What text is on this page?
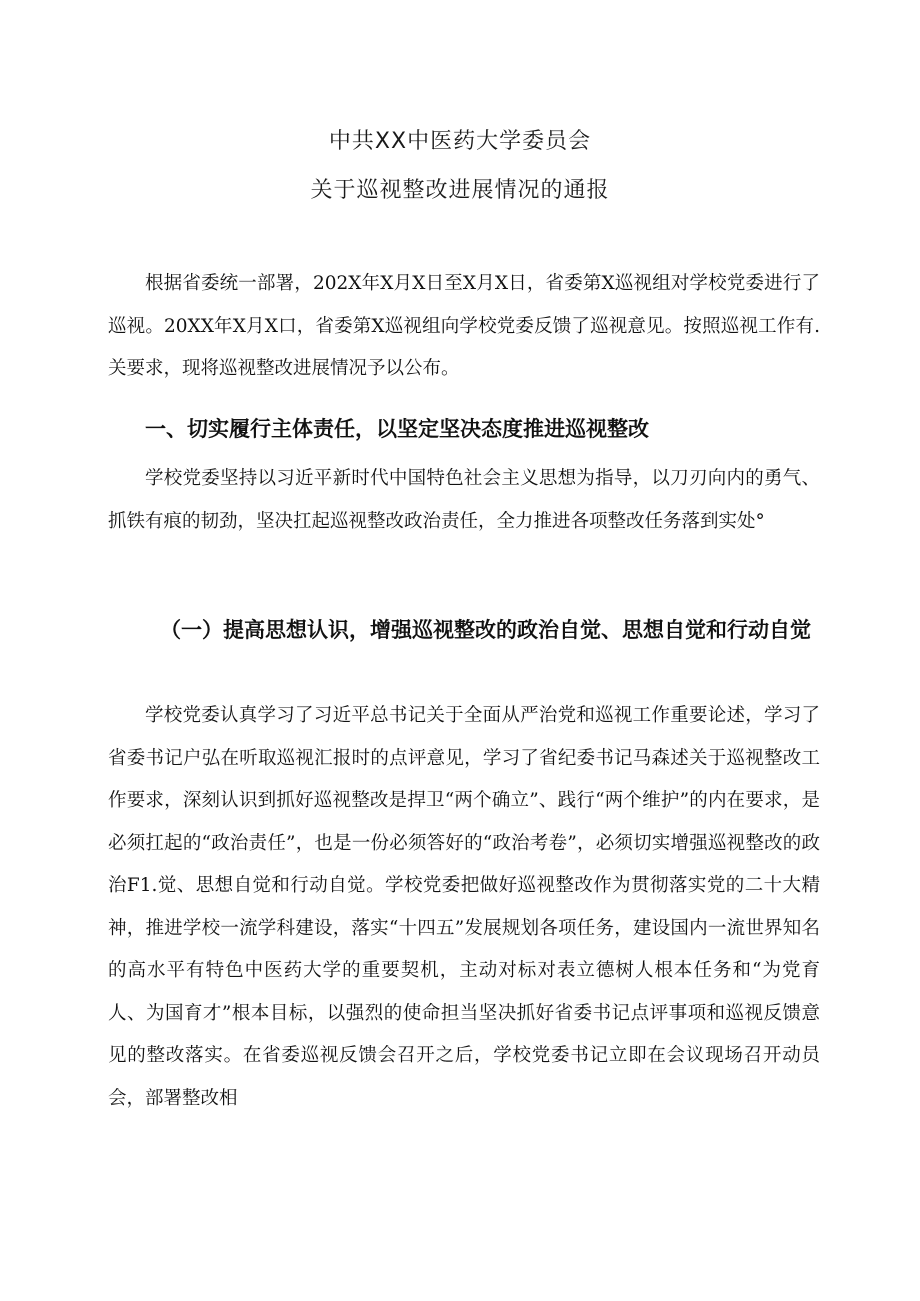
中共XX中医药大学委员会
关于巡视整改进展情况的通报

根据省委统一部署，202X年X月X日至X月X日，省委第X巡视组对学校党委进行了巡视。20XX年X月X口，省委第X巡视组向学校党委反馈了巡视意见。按照巡视工作有.关要求，现将巡视整改进展情况予以公布。

一、切实履行主体责任，以坚定坚决态度推进巡视整改

学校党委坚持以习近平新时代中国特色社会主义思想为指导，以刀刃向内的勇气、抓铁有痕的韧劲，坚决扛起巡视整改政治责任，全力推进各项整改任务落到实处°

（一）提高思想认识，增强巡视整改的政治自觉、思想自觉和行动自觉

学校党委认真学习了习近平总书记关于全面从严治党和巡视工作重要论述，学习了省委书记户弘在听取巡视汇报时的点评意见，学习了省纪委书记马森述关于巡视整改工作要求，深刻认识到抓好巡视整改是捍卫“两个确立”、践行“两个维护”的内在要求，是必须扛起的“政治责任”，也是一份必须答好的“政治考卷”，必须切实增强巡视整改的政治F1.觉、思想自觉和行动自觉。学校党委把做好巡视整改作为贯彻落实党的二十大精神，推进学校一流学科建设，落实“十四五”发展规划各项任务，建设国内一流世界知名的高水平有特色中医药大学的重要契机，主动对标对表立德树人根本任务和“为党育人、为国育才”根本目标，以强烈的使命担当坚决抓好省委书记点评事项和巡视反馈意见的整改落实。在省委巡视反馈会召开之后，学校党委书记立即在会议现场召开动员会，部署整改相
